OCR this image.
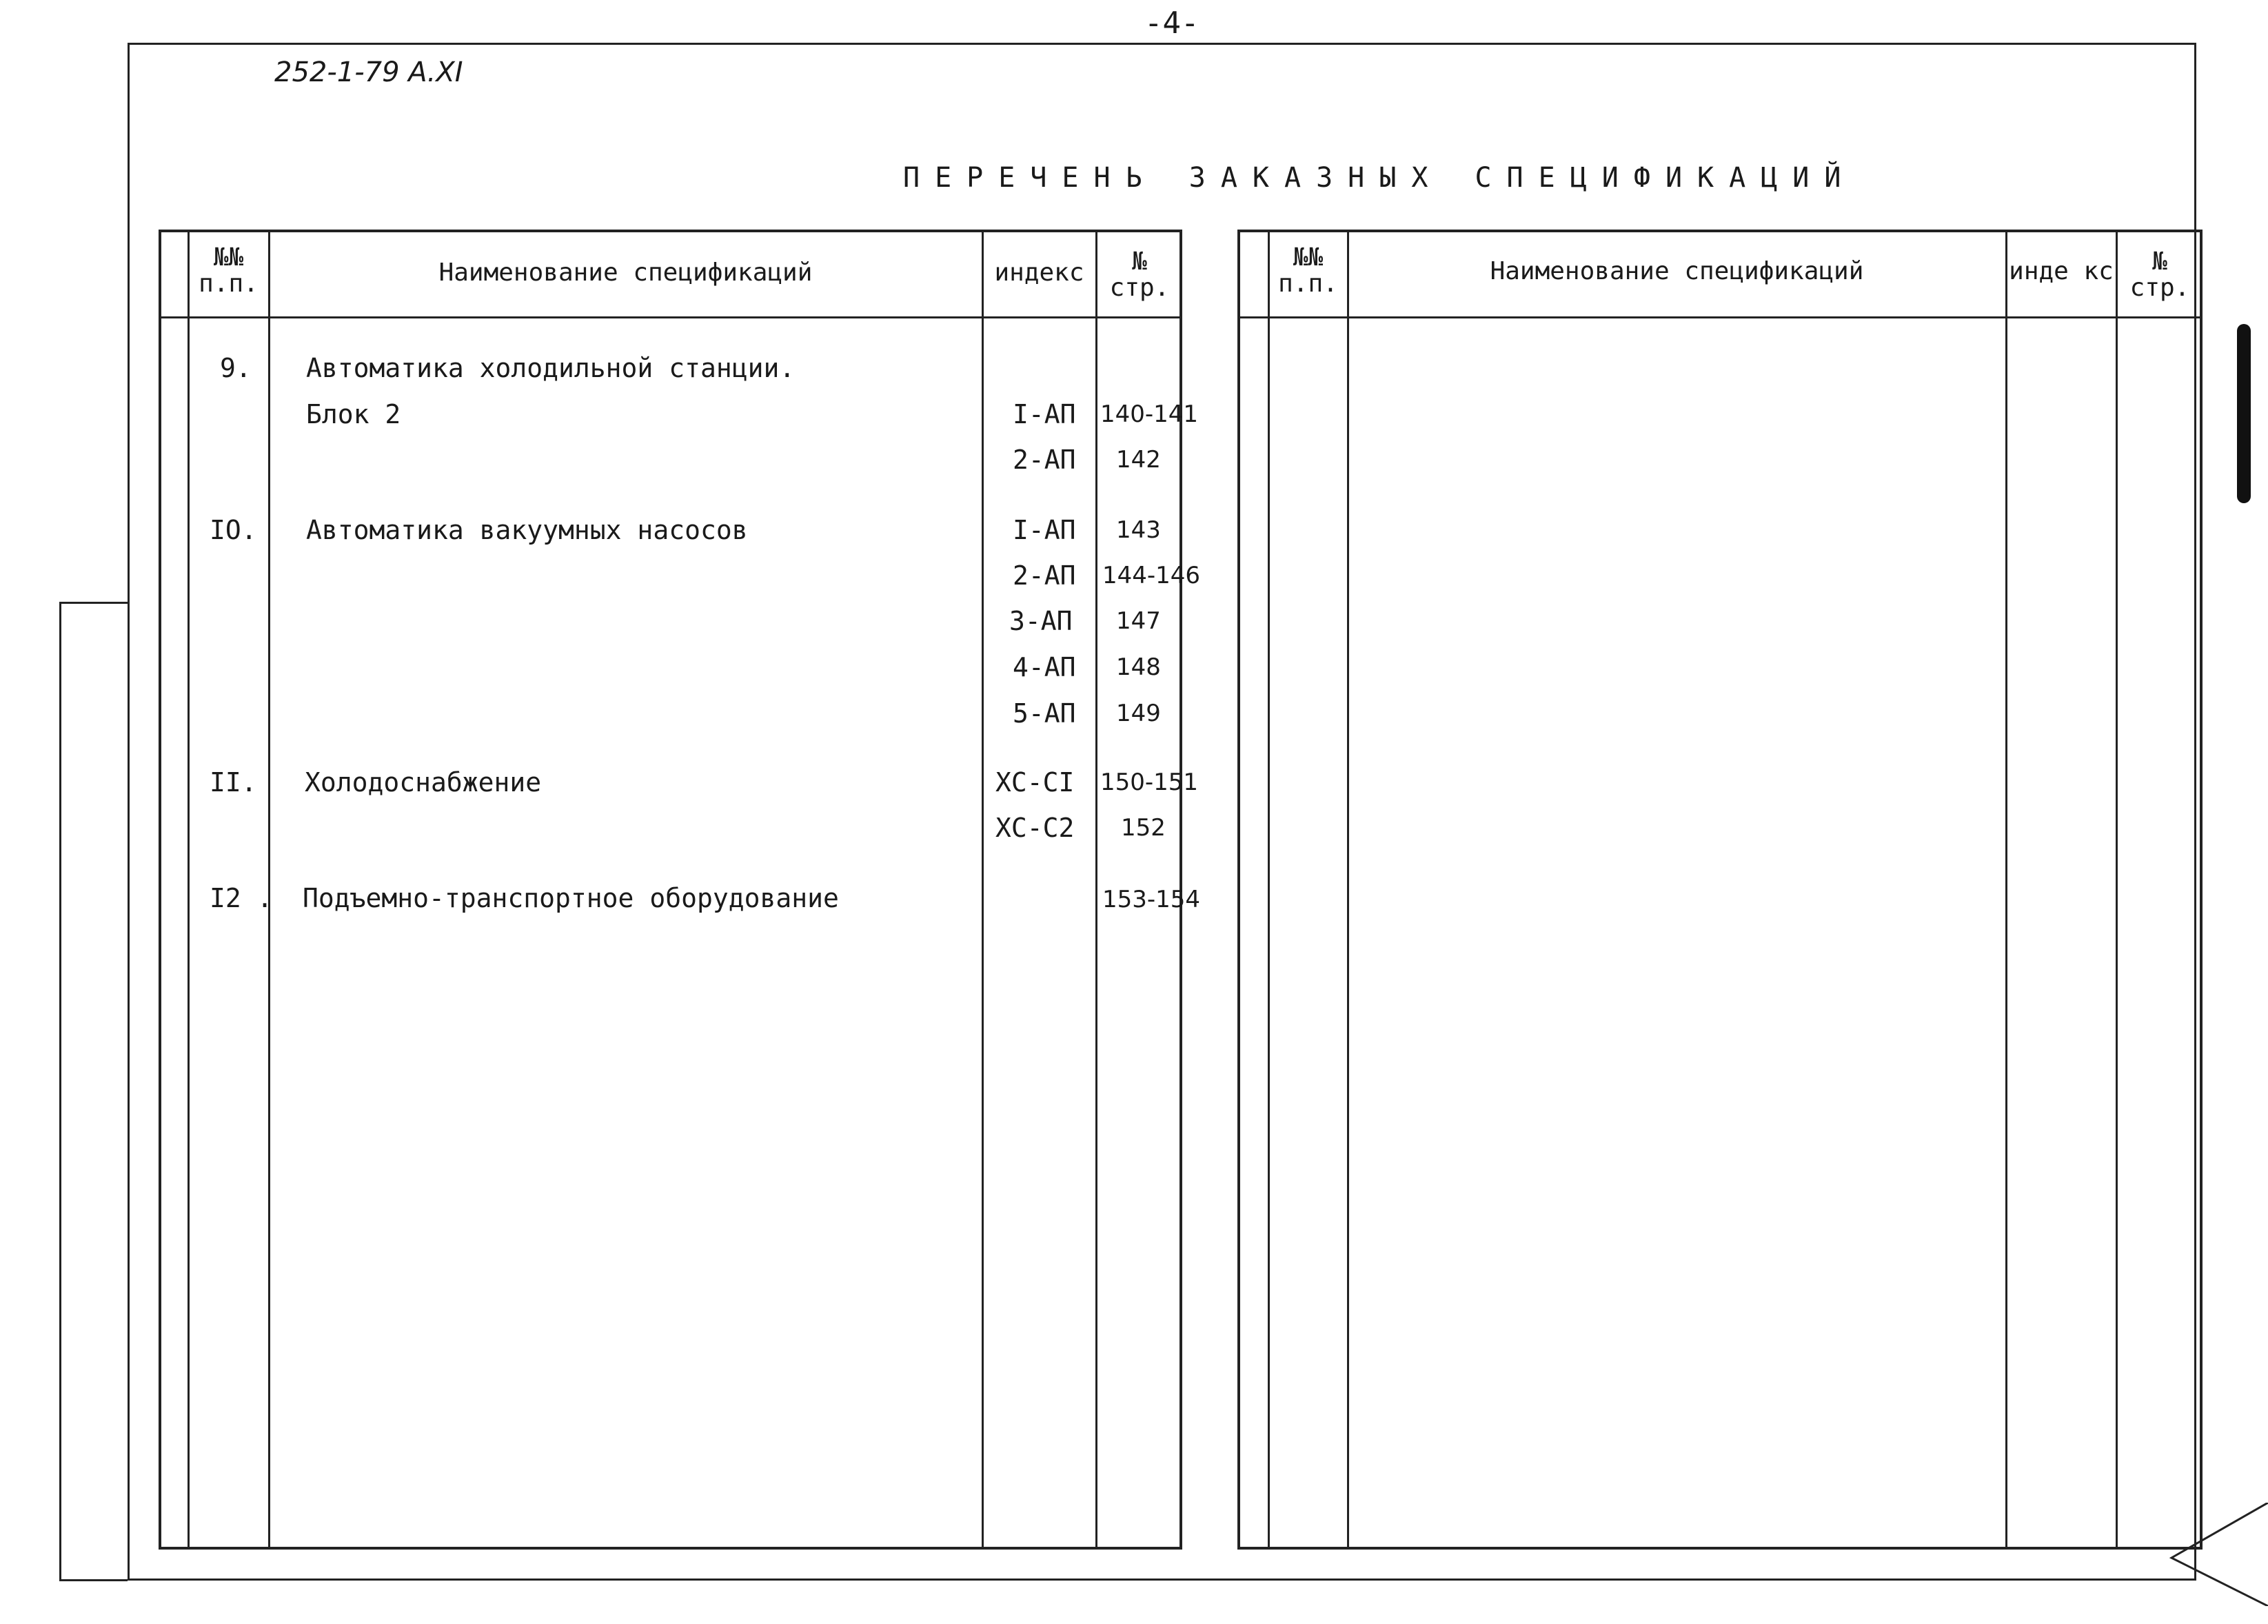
-4-
252-1-79 А.XI
ПЕРЕЧЕНЬ ЗАКАЗНЫХ СПЕЦИФИКАЦИЙ
№№
п.п.	Наименование спецификаций	индекс	№
стр.
9. Автоматика холодильной станции.
Блок 2	I-АП 140-141
2-АП 142
IO. Автоматика вакуумных насосов	I-АП 143
2-АП 144-146
3-АП 147
4-АП 148
5-АП 149
II. Холодоснабжение	ХС-СI 150-151
ХС-С2 152
I2 . Подъемно-транспортное оборудование	153-154
№№
п.п.	Наименование спецификаций	инде кс	№
стр.
